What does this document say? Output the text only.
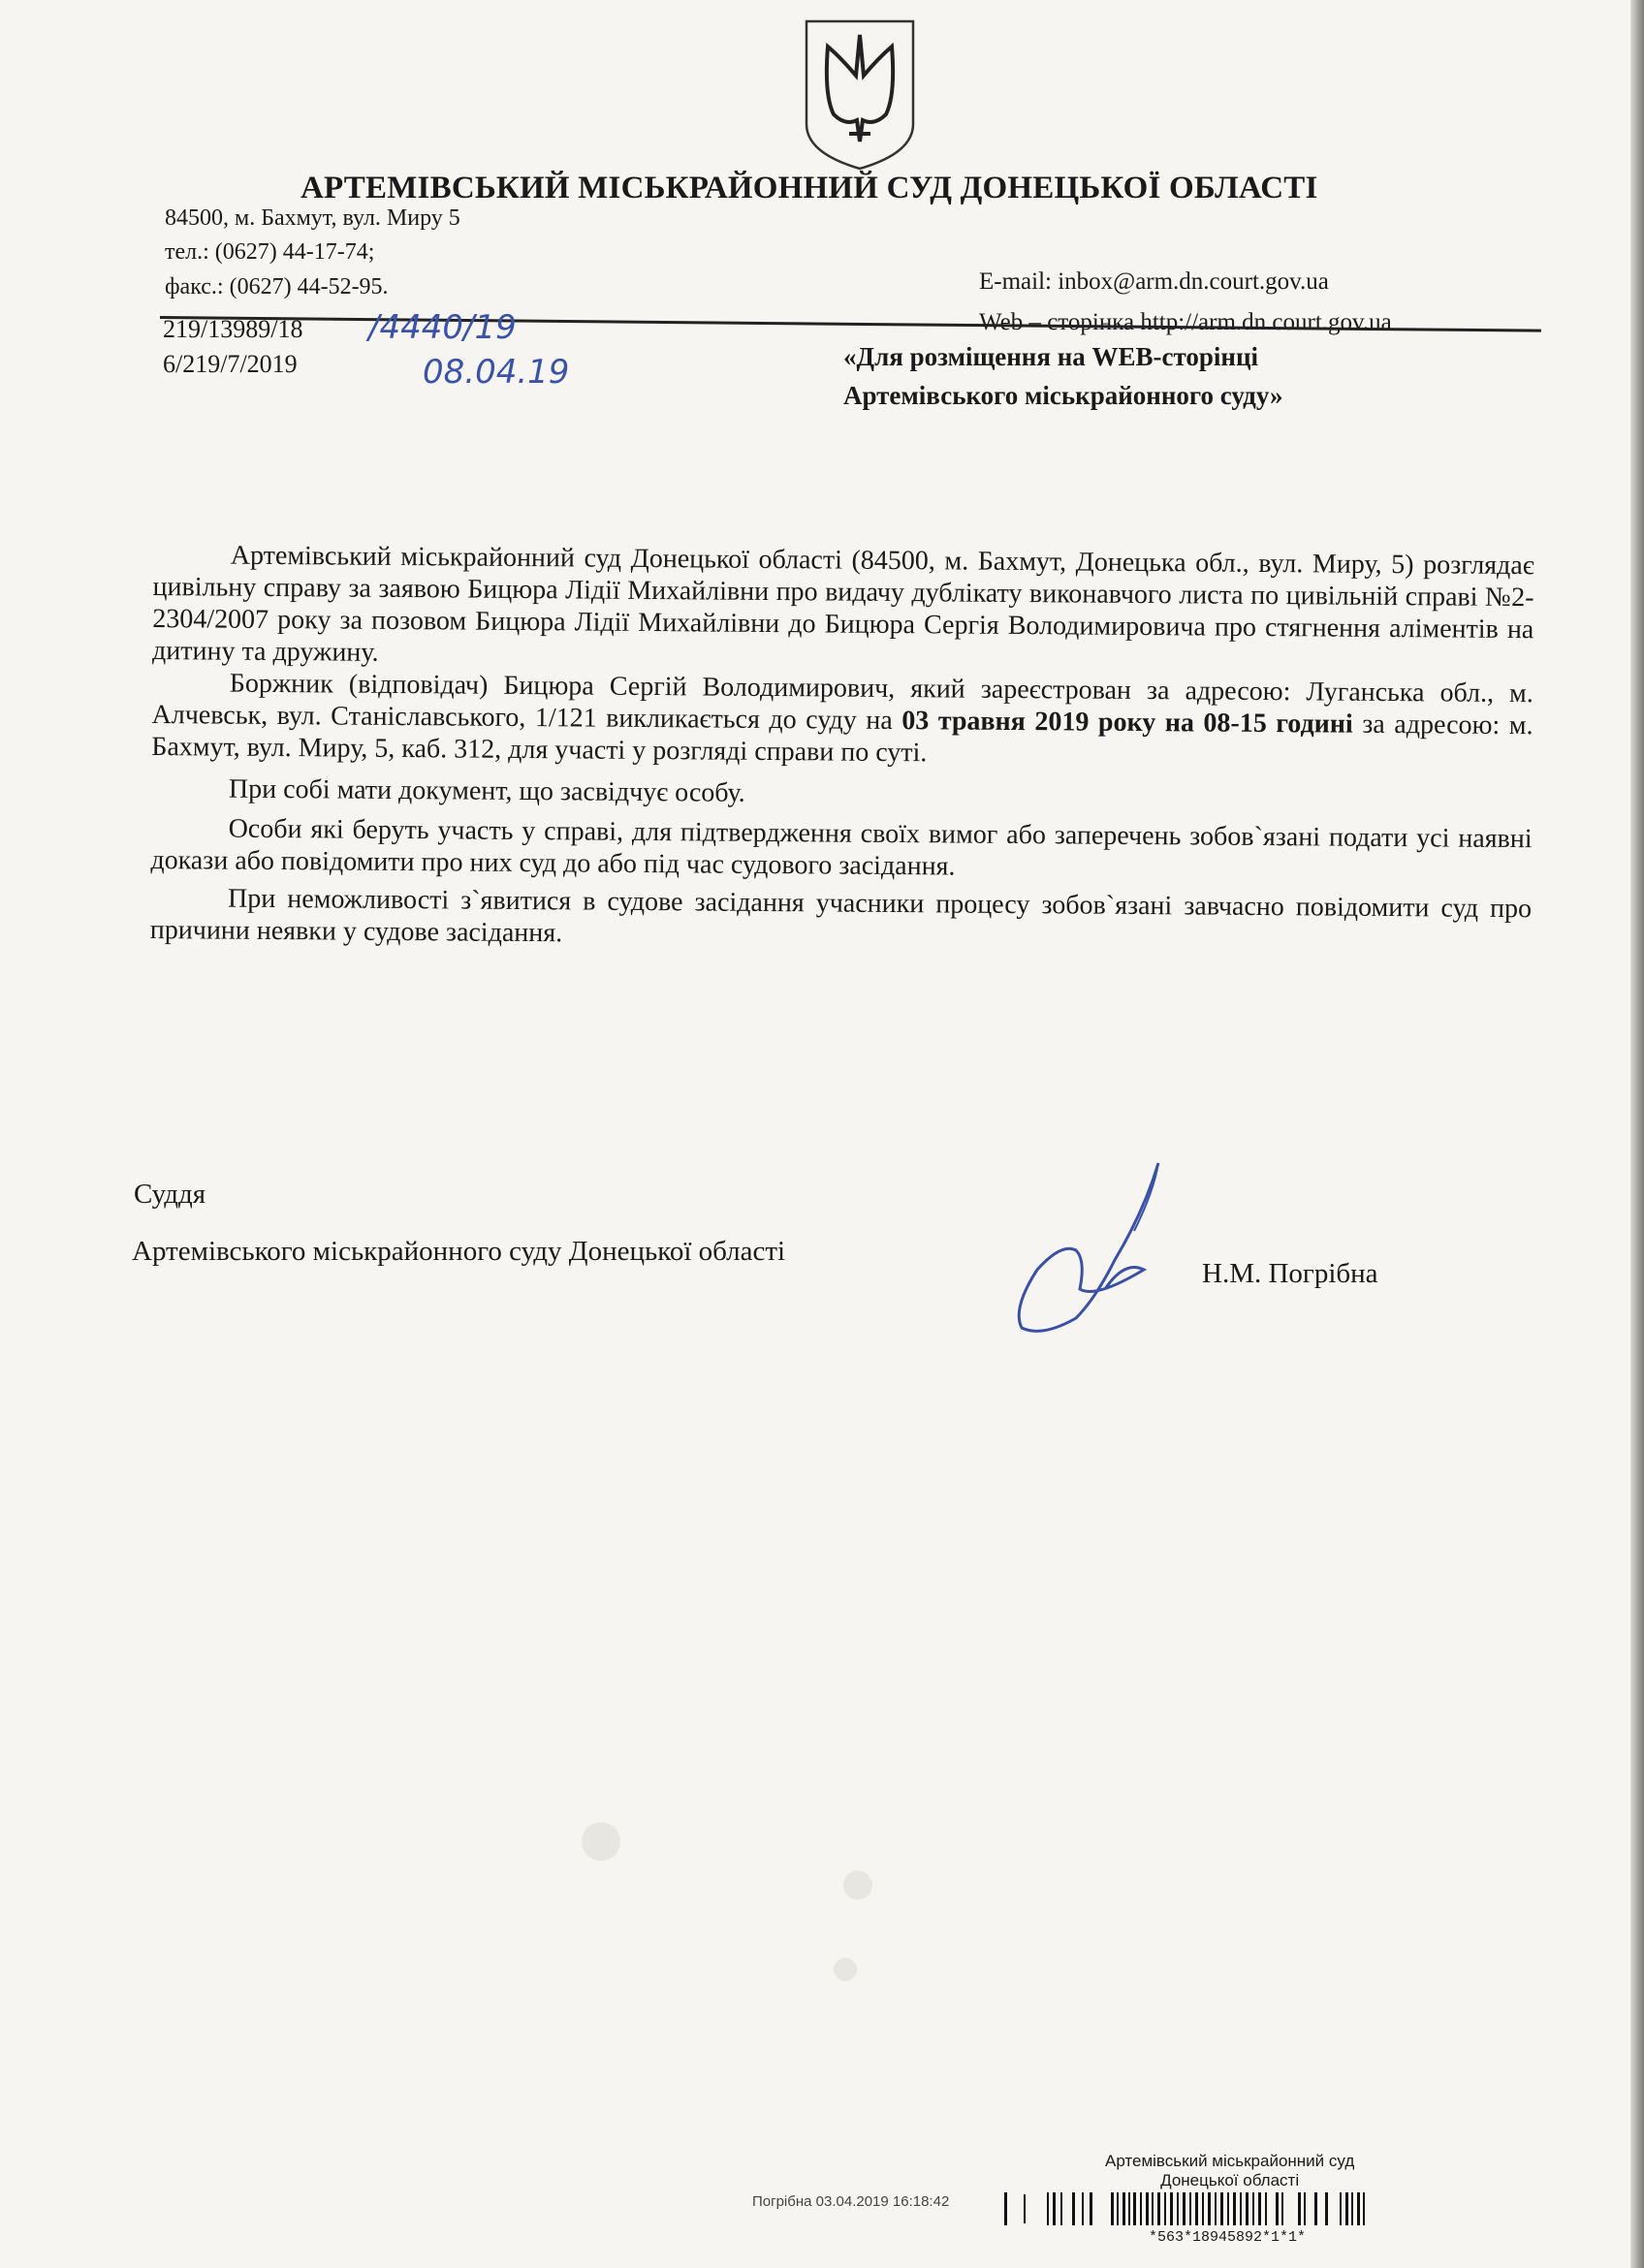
АРТЕМІВСЬКИЙ МІСЬКРАЙОННИЙ СУД ДОНЕЦЬКОЇ ОБЛАСТІ
84500, м. Бахмут, вул. Миру 5
тел.: (0627) 44-17-74;
факс.: (0627) 44-52-95.	E-mail: inbox@arm.dn.court.gov.ua
Web – сторінка http://arm.dn.court.gov.ua
219/13989/18
6/219/7/2019
/4440/19
08.04.19	«Для розміщення на WEB-сторінці
Артемівського міськрайонного суду»

Артемівський міськрайонний суд Донецької області (84500, м. Бахмут, Донецька обл., вул. Миру, 5) розглядає цивільну справу за заявою Бицюра Лідії Михайлівни про видачу дублікату виконавчого листа по цивільній справі №2-2304/2007 року за позовом Бицюра Лідії Михайлівни до Бицюра Сергія Володимировича про стягнення аліментів на дитину та дружину.

Боржник (відповідач) Бицюра Сергій Володимирович, який зареєстрован за адресою: Луганська обл., м. Алчевськ, вул. Станіславського, 1/121 викликається до суду на 03 травня 2019 року на 08-15 годині за адресою: м. Бахмут, вул. Миру, 5, каб. 312, для участі у розгляді справи по суті.

При собі мати документ, що засвідчує особу.

Особи які беруть участь у справі, для підтвердження своїх вимог або заперечень зобов`язані подати усі наявні докази або повідомити про них суд до або під час судового засідання.

При неможливості з`явитися в судове засідання учасники процесу зобов`язані завчасно повідомити суд про причини неявки у судове засідання.

Суддя
Артемівського міськрайонного суду Донецької області
Н.М. Погрібна
Артемівський міськрайонний суд
Донецької області
Погрібна 03.04.2019 16:18:42
*563*18945892*1*1*
